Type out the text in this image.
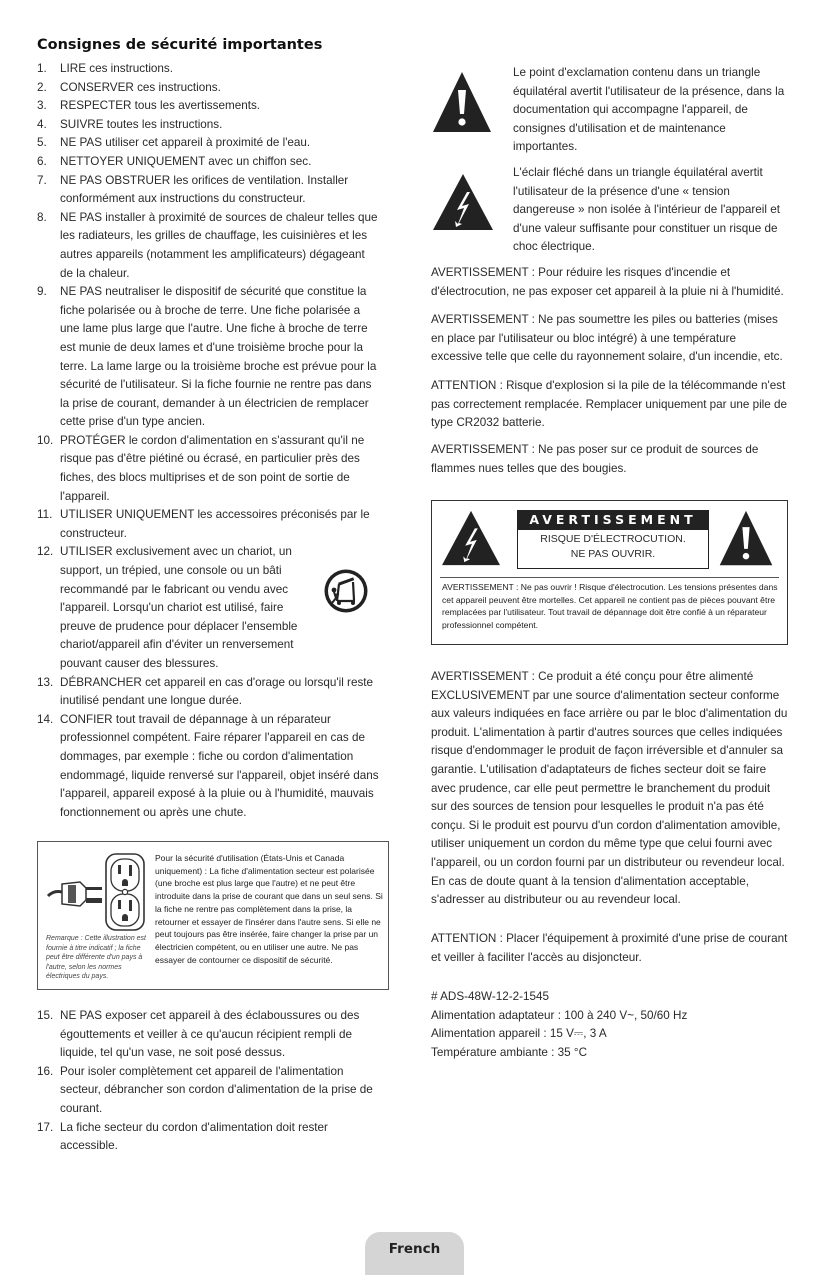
Consignes de sécurité importantes
1. LIRE ces instructions.
2. CONSERVER ces instructions.
3. RESPECTER tous les avertissements.
4. SUIVRE toutes les instructions.
5. NE PAS utiliser cet appareil à proximité de l'eau.
6. NETTOYER UNIQUEMENT avec un chiffon sec.
7. NE PAS OBSTRUER les orifices de ventilation. Installer conformément aux instructions du constructeur.
8. NE PAS installer à proximité de sources de chaleur telles que les radiateurs, les grilles de chauffage, les cuisinières et les autres appareils (notamment les amplificateurs) dégageant de la chaleur.
9. NE PAS neutraliser le dispositif de sécurité que constitue la fiche polarisée ou à broche de terre. Une fiche polarisée a une lame plus large que l'autre. Une fiche à broche de terre est munie de deux lames et d'une troisième broche pour la terre. La lame large ou la troisième broche est prévue pour la sécurité de l'utilisateur. Si la fiche fournie ne rentre pas dans la prise de courant, demander à un électricien de remplacer cette prise d'un type ancien.
10. PROTÉGER le cordon d'alimentation en s'assurant qu'il ne risque pas d'être piétiné ou écrasé, en particulier près des fiches, des blocs multiprises et de son point de sortie de l'appareil.
11. UTILISER UNIQUEMENT les accessoires préconisés par le constructeur.
12. UTILISER exclusivement avec un chariot, un support, un trépied, une console ou un bâti recommandé par le fabricant ou vendu avec l'appareil. Lorsqu'un chariot est utilisé, faire preuve de prudence pour déplacer l'ensemble chariot/appareil afin d'éviter un renversement pouvant causer des blessures.
13. DÉBRANCHER cet appareil en cas d'orage ou lorsqu'il reste inutilisé pendant une longue durée.
14. CONFIER tout travail de dépannage à un réparateur professionnel compétent. Faire réparer l'appareil en cas de dommages, par exemple : fiche ou cordon d'alimentation endommagé, liquide renversé sur l'appareil, objet inséré dans l'appareil, appareil exposé à la pluie ou à l'humidité, mauvais fonctionnement ou après une chute.
Remarque : Cette illustration est fournie à titre indicatif ; la fiche peut être différente d'un pays à l'autre, selon les normes électriques du pays.
Pour la sécurité d'utilisation (États-Unis et Canada uniquement) : La fiche d'alimentation secteur est polarisée (une broche est plus large que l'autre) et ne peut être introduite dans la prise de courant que dans un seul sens. Si la fiche ne rentre pas complètement dans la prise, la retourner et essayer de l'insérer dans l'autre sens. Si elle ne peut toujours pas être insérée, faire changer la prise par un électricien compétent, ou en utiliser une autre. Ne pas essayer de contourner ce dispositif de sécurité.
15. NE PAS exposer cet appareil à des éclaboussures ou des égouttements et veiller à ce qu'aucun récipient rempli de liquide, tel qu'un vase, ne soit posé dessus.
16. Pour isoler complètement cet appareil de l'alimentation secteur, débrancher son cordon d'alimentation de la prise de courant.
17. La fiche secteur du cordon d'alimentation doit rester accessible.
Le point d'exclamation contenu dans un triangle équilatéral avertit l'utilisateur de la présence, dans la documentation qui accompagne l'appareil, de consignes d'utilisation et de maintenance importantes.
L'éclair fléché dans un triangle équilatéral avertit l'utilisateur de la présence d'une « tension dangereuse » non isolée à l'intérieur de l'appareil et d'une valeur suffisante pour constituer un risque de choc électrique.

AVERTISSEMENT : Pour réduire les risques d'incendie et d'électrocution, ne pas exposer cet appareil à la pluie ni à l'humidité.

AVERTISSEMENT : Ne pas soumettre les piles ou batteries (mises en place par l'utilisateur ou bloc intégré) à une température excessive telle que celle du rayonnement solaire, d'un incendie, etc.

ATTENTION : Risque d'explosion si la pile de la télécommande n'est pas correctement remplacée. Remplacer uniquement par une pile de type CR2032 batterie.

AVERTISSEMENT : Ne pas poser sur ce produit de sources de flammes nues telles que des bougies.

AVERTISSEMENT
RISQUE D'ÉLECTROCUTION.
NE PAS OUVRIR.
AVERTISSEMENT : Ne pas ouvrir ! Risque d'électrocution. Les tensions présentes dans cet appareil peuvent être mortelles. Cet appareil ne contient pas de pièces pouvant être remplacées par l'utilisateur. Tout travail de dépannage doit être confié à un réparateur professionnel compétent.

AVERTISSEMENT : Ce produit a été conçu pour être alimenté EXCLUSIVEMENT par une source d'alimentation secteur conforme aux valeurs indiquées en face arrière ou par le bloc d'alimentation du produit. L'alimentation à partir d'autres sources que celles indiquées risque d'endommager le produit de façon irréversible et d'annuler sa garantie. L'utilisation d'adaptateurs de fiches secteur doit se faire avec prudence, car elle peut permettre le branchement du produit sur des sources de tension pour lesquelles le produit n'a pas été conçu. Si le produit est pourvu d'un cordon d'alimentation amovible, utiliser uniquement un cordon du même type que celui fourni avec l'appareil, ou un cordon fourni par un distributeur ou revendeur local. En cas de doute quant à la tension d'alimentation acceptable, s'adresser au distributeur ou au revendeur local.

ATTENTION : Placer l'équipement à proximité d'une prise de courant et veiller à faciliter l'accès au disjoncteur.

# ADS-48W-12-2-1545
Alimentation adaptateur : 100 à 240 V~, 50/60 Hz
Alimentation appareil : 15 V⎓, 3 A
Température ambiante : 35 °C
French
